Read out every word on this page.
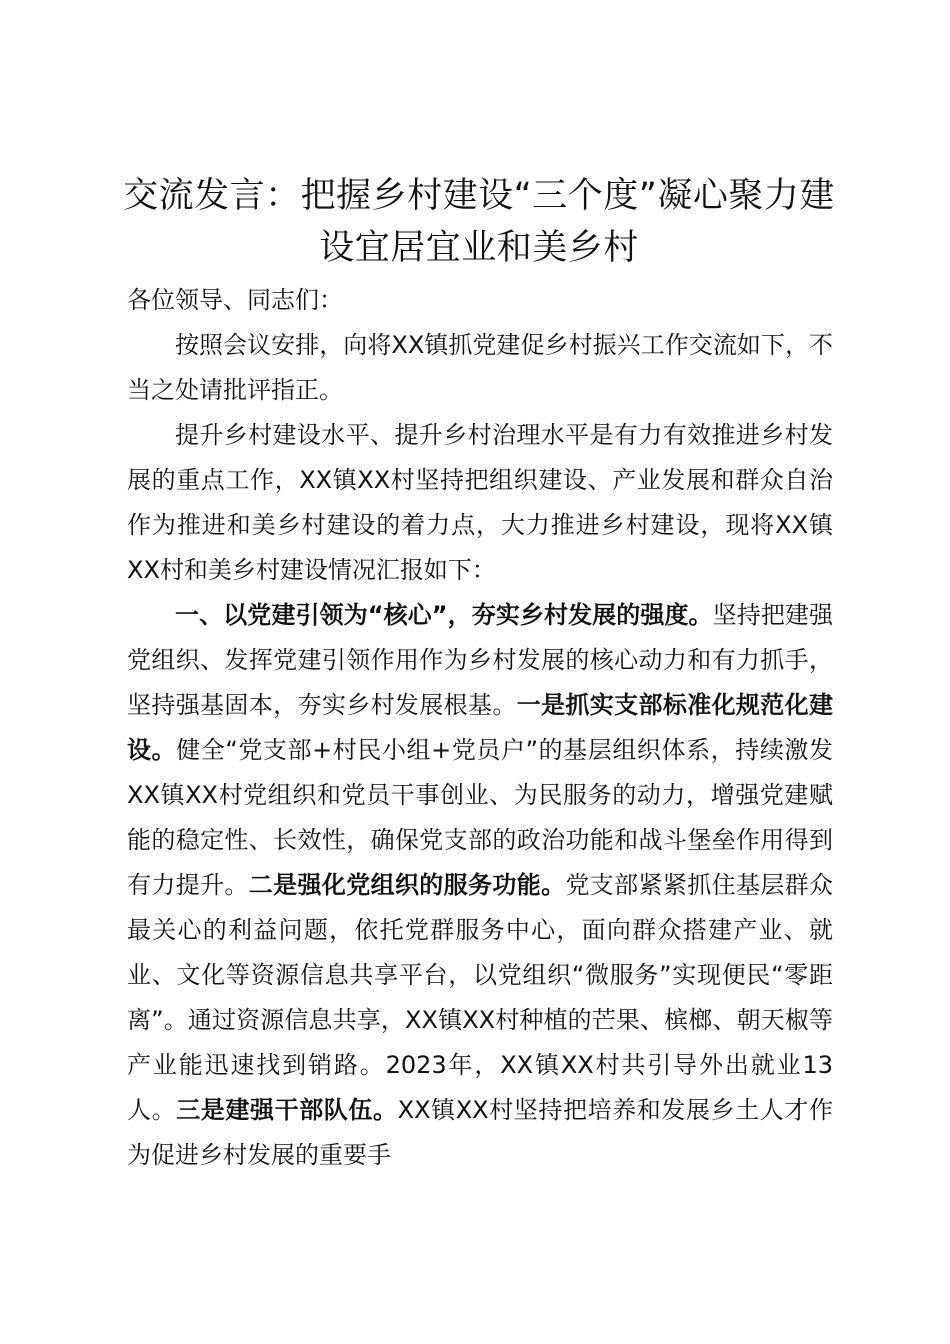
交流发言：把握乡村建设“三个度”凝心聚力建
设宜居宜业和美乡村

各位领导、同志们：

按照会议安排，向将XX镇抓党建促乡村振兴工作交流如下，不当之处请批评指正。

提升乡村建设水平、提升乡村治理水平是有力有效推进乡村发展的重点工作，XX镇XX村坚持把组织建设、产业发展和群众自治作为推进和美乡村建设的着力点，大力推进乡村建设，现将XX镇XX村和美乡村建设情况汇报如下：

一、以党建引领为“核心”，夯实乡村发展的强度。坚持把建强党组织、发挥党建引领作用作为乡村发展的核心动力和有力抓手，坚持强基固本，夯实乡村发展根基。一是抓实支部标准化规范化建设。健全“党支部+村民小组+党员户”的基层组织体系，持续激发XX镇XX村党组织和党员干事创业、为民服务的动力，增强党建赋能的稳定性、长效性，确保党支部的政治功能和战斗堡垒作用得到有力提升。二是强化党组织的服务功能。党支部紧紧抓住基层群众最关心的利益问题，依托党群服务中心，面向群众搭建产业、就业、文化等资源信息共享平台，以党组织“微服务”实现便民“零距离”。通过资源信息共享，XX镇XX村种植的芒果、槟榔、朝天椒等产业能迅速找到销路。2023年，XX镇XX村共引导外出就业13人。三是建强干部队伍。XX镇XX村坚持把培养和发展乡土人才作为促进乡村发展的重要手
